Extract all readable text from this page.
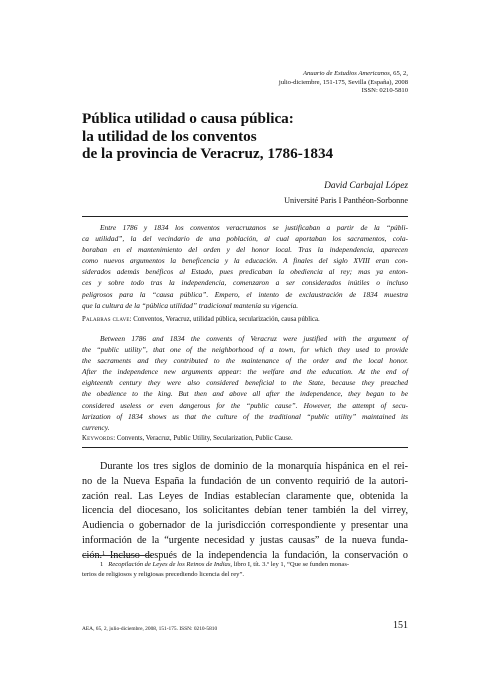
Anuario de Estudios Americanos, 65, 2,
julio-diciembre, 151-175, Sevilla (España), 2008
ISSN: 0210-5810
Pública utilidad o causa pública:
la utilidad de los conventos
de la provincia de Veracruz, 1786-1834
David Carbajal López
Université Paris I Panthéon-Sorbonne
Entre 1786 y 1834 los conventos veracruzanos se justificaban a partir de la “públi-
ca utilidad”, la del vecindario de una población, al cual aportaban los sacramentos, cola-
boraban en el mantenimiento del orden y del honor local. Tras la independencia, aparecen
como nuevos argumentos la beneficencia y la educación. A finales del siglo XVIII eran con-
siderados además benéficos al Estado, pues predicaban la obediencia al rey; mas ya enton-
ces y sobre todo tras la independencia, comenzaron a ser considerados inútiles o incluso
peligrosos para la “causa pública”. Empero, el intento de exclaustración de 1834 muestra
que la cultura de la “pública utilidad” tradicional mantenía su vigencia.
Palabras clave: Conventos, Veracruz, utilidad pública, secularización, causa pública.
Between 1786 and 1834 the convents of Veracruz were justified with the argument of
the “public utility”, that one of the neighborhood of a town, for which they used to provide
the sacraments and they contributed to the maintenance of the order and the local honor.
After the independence new arguments appear: the welfare and the education. At the end of
eighteenth century they were also considered beneficial to the State, because they preached
the obedience to the king. But then and above all after the independence, they began to be
considered useless or even dangerous for the “public cause”. However, the attempt of secu-
larization of 1834 shows us that the culture of the traditional “public utility” maintained its
currency.
Keywords: Convents, Veracruz, Public Utility, Secularization, Public Cause.
Durante los tres siglos de dominio de la monarquía hispánica en el rei-
no de la Nueva España la fundación de un convento requirió de la autori-
zación real. Las Leyes de Indias establecían claramente que, obtenida la
licencia del diocesano, los solicitantes debían tener también la del virrey,
Audiencia o gobernador de la jurisdicción correspondiente y presentar una
información de la “urgente necesidad y justas causas” de la nueva funda-
ción.$^1$ Incluso después de la independencia la fundación, la conservación o
1 Recopilación de Leyes de los Reinos de Indias, libro I, tít. 3.º ley 1, “Que se funden monas-
terios de religiosos y religiosas precediendo licencia del rey”.
AEA, 65, 2, julio-diciembre, 2008, 151-175. ISSN: 0210-5810	151
